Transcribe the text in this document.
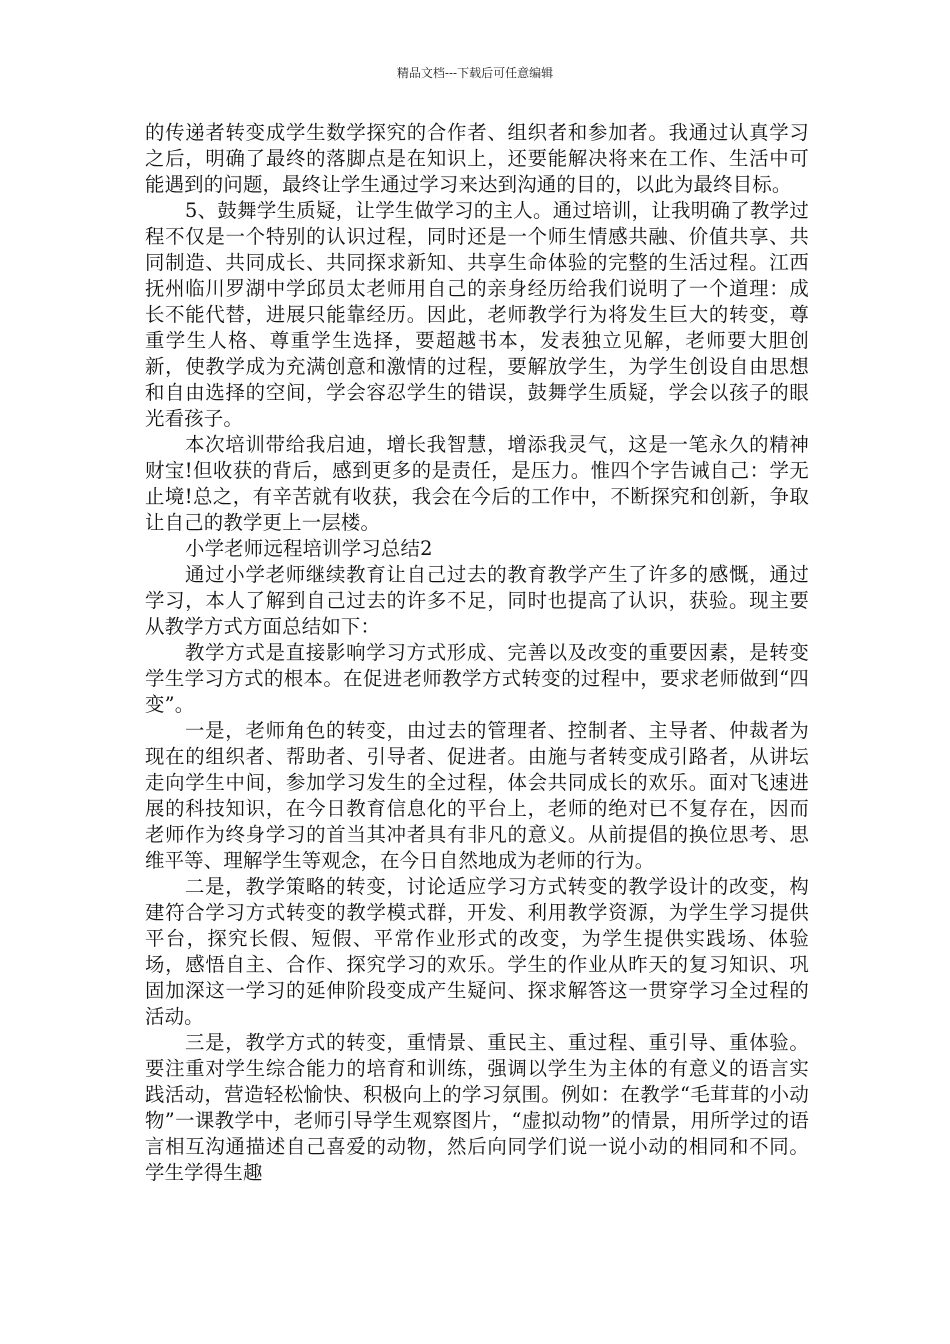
精品文档---下载后可任意编辑

的传递者转变成学生数学探究的合作者、组织者和参加者。我通过认真学习之后，明确了最终的落脚点是在知识上，还要能解决将来在工作、生活中可能遇到的问题，最终让学生通过学习来达到沟通的目的，以此为最终目标。

5、鼓舞学生质疑，让学生做学习的主人。通过培训，让我明确了教学过程不仅是一个特别的认识过程，同时还是一个师生情感共融、价值共享、共同制造、共同成长、共同探求新知、共享生命体验的完整的生活过程。江西抚州临川罗湖中学邱员太老师用自己的亲身经历给我们说明了一个道理：成长不能代替，进展只能靠经历。因此，老师教学行为将发生巨大的转变，尊重学生人格、尊重学生选择，要超越书本，发表独立见解，老师要大胆创新，使教学成为充满创意和激情的过程，要解放学生，为学生创设自由思想和自由选择的空间，学会容忍学生的错误，鼓舞学生质疑，学会以孩子的眼光看孩子。

本次培训带给我启迪，增长我智慧，增添我灵气，这是一笔永久的精神财宝!但收获的背后，感到更多的是责任，是压力。惟四个字告诫自己：学无止境!总之，有辛苦就有收获，我会在今后的工作中，不断探究和创新，争取让自己的教学更上一层楼。

小学老师远程培训学习总结2

通过小学老师继续教育让自己过去的教育教学产生了许多的感慨，通过学习，本人了解到自己过去的许多不足，同时也提高了认识，获验。现主要从教学方式方面总结如下：

教学方式是直接影响学习方式形成、完善以及改变的重要因素，是转变学生学习方式的根本。在促进老师教学方式转变的过程中，要求老师做到“四变”。

一是，老师角色的转变，由过去的管理者、控制者、主导者、仲裁者为现在的组织者、帮助者、引导者、促进者。由施与者转变成引路者，从讲坛走向学生中间，参加学习发生的全过程，体会共同成长的欢乐。面对飞速进展的科技知识，在今日教育信息化的平台上，老师的绝对已不复存在，因而老师作为终身学习的首当其冲者具有非凡的意义。从前提倡的换位思考、思维平等、理解学生等观念，在今日自然地成为老师的行为。

二是，教学策略的转变，讨论适应学习方式转变的教学设计的改变，构建符合学习方式转变的教学模式群，开发、利用教学资源，为学生学习提供平台，探究长假、短假、平常作业形式的改变，为学生提供实践场、体验场，感悟自主、合作、探究学习的欢乐。学生的作业从昨天的复习知识、巩固加深这一学习的延伸阶段变成产生疑问、探求解答这一贯穿学习全过程的活动。

三是，教学方式的转变，重情景、重民主、重过程、重引导、重体验。要注重对学生综合能力的培育和训练，强调以学生为主体的有意义的语言实践活动，营造轻松愉快、积极向上的学习氛围。例如：在教学“毛茸茸的小动物”一课教学中，老师引导学生观察图片，“虚拟动物”的情景，用所学过的语言相互沟通描述自己喜爱的动物，然后向同学们说一说小动的相同和不同。学生学得生趣
